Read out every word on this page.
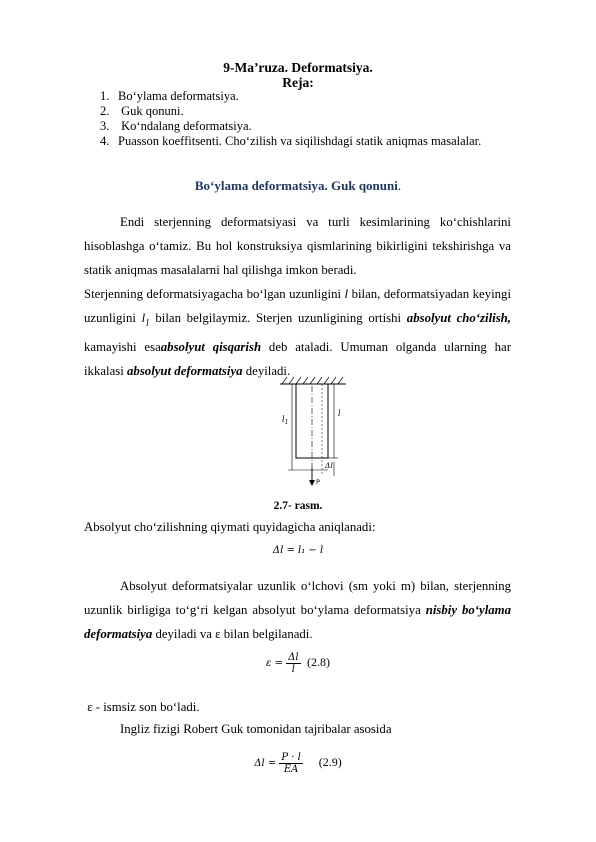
9-Ma’ruza. Deformatsiya.
Reja:
1. Bo‘ylama deformatsiya.
2. Guk qonuni.
3. Ko‘ndalang deformatsiya.
4. Puasson koeffitsenti. Cho‘zilish va siqilishdagi statik aniqmas masalalar.
Bo‘ylama deformatsiya. Guk qonuni.
Endi sterjenning deformatsiyasi va turli kesimlarining ko‘chishlarini hisoblashga o‘tamiz. Bu hol konstruksiya qismlarining bikirligini tekshirishga va statik aniqmas masalalarni hal qilishga imkon beradi.
Sterjenning deformatsiyagacha bo‘lgan uzunligini l bilan, deformatsiyadan keyingi uzunligini $l_1$ bilan belgilaymiz. Sterjen uzunligining ortishi absolyut cho‘zilish, kamayishi esaabsolyut qisqarish deb ataladi. Umuman olganda ularning har ikkalasi absolyut deformatsiya deyiladi.
$l_1$
l
Δl
P
2.7- rasm.
Absolyut cho‘zilishning qiymati quyidagicha aniqlanadi:
Δl = l₁ − l
Absolyut deformatsiyalar uzunlik o‘lchovi (sm yoki m) bilan, sterjenning uzunlik birligiga to‘g‘ri kelgan absolyut bo‘ylama deformatsiya nisbiy bo‘ylama deformatsiya deyiladi va ε bilan belgilanadi.
$\varepsilon = \frac{\Delta l}{l} (2.8)$
ε - ismsiz son bo‘ladi.
Ingliz fizigi Robert Guk tomonidan tajribalar asosida
$\Delta l = \frac{P \cdot l}{EA} (2.9)$
